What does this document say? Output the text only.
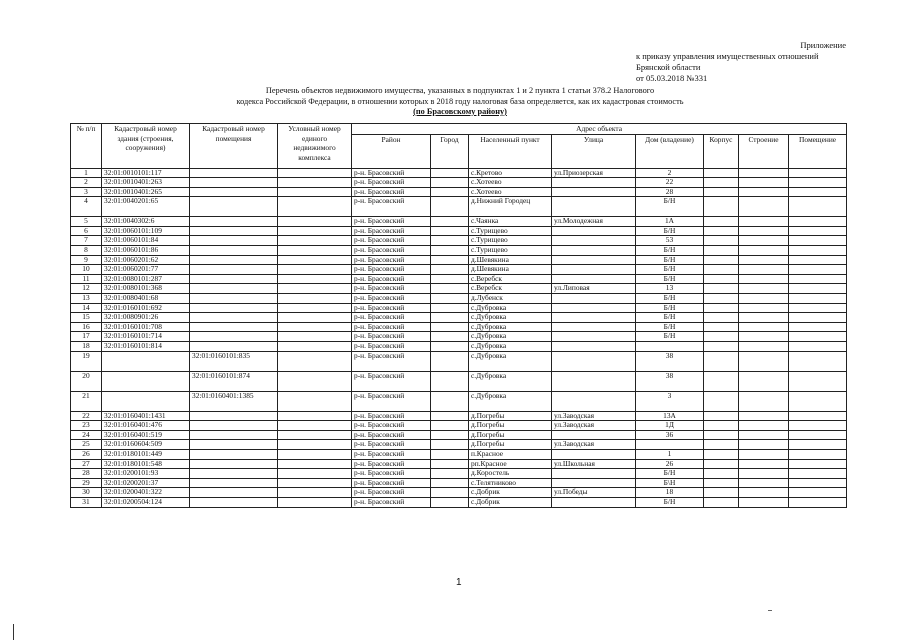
Приложение
к приказу управления имущественных отношений
Брянской области
от 05.03.2018 №331
Перечень объектов недвижимого имущества, указанных в подпунктах 1 и 2 пункта 1 статьи 378.2 Налогового
кодекса Российской Федерации, в отношении которых в 2018 году налоговая база определяется, как их кадастровая стоимость
(по Брасовскому району)
№ п/п	Кадастровый номер здания (строения, сооружения)	Кадастровый номер помещения	Условный номер единого недвижимого комплекса	Адрес объекта							
				Район	Город	Населенный пункт	Улица	Дом (владение)	Корпус	Строение	Помещение
1	32:01:0010101:117			р-н. Брасовский		с.Кретово	ул.Приозерская	2			
2	32:01:0010401:263			р-н. Брасовский		с.Хотеево		22			
3	32:01:0010401:265			р-н. Брасовский		с.Хотеево		28			
4	32:01:0040201:65			р-н. Брасовский		д.Нижний Городец		Б/Н			
5	32:01:0040302:6			р-н. Брасовский		с.Чаянка	ул.Молодежная	1А			
6	32:01:0060101:109			р-н. Брасовский		с.Турищево		Б/Н			
7	32:01:0060101:84			р-н. Брасовский		с.Турищево		53			
8	32:01:0060101:86			р-н. Брасовский		с.Турищево		Б/Н			
9	32:01:0060201:62			р-н. Брасовский		д.Шевякина		Б/Н			
10	32:01:0060201:77			р-н. Брасовский		д.Шевякина		Б/Н			
11	32:01:0080101:287			р-н. Брасовский		с.Веребск		Б/Н			
12	32:01:0080101:368			р-н. Брасовский		с.Веребск	ул.Липовая	13			
13	32:01:0080401:68			р-н. Брасовский		д.Лубенск		Б/Н			
14	32:01:0160101:692			р-н. Брасовский		с.Дубровка		Б/Н			
15	32:01:0080901:26			р-н. Брасовский		с.Дубровка		Б/Н			
16	32:01:0160101:708			р-н. Брасовский		с.Дубровка		Б/Н			
17	32:01:0160101:714			р-н. Брасовский		с.Дубровка		Б/Н			
18	32:01:0160101:814			р-н. Брасовский		с.Дубровка					
19		32:01:0160101:835		р-н. Брасовский		с.Дубровка		38			
20		32:01:0160101:874		р-н. Брасовский		с.Дубровка		38			
21		32:01:0160401:1385		р-н. Брасовский		с.Дубровка		3			
22	32:01:0160401:1431			р-н. Брасовский		д.Погребы	ул.Заводская	13А			
23	32:01:0160401:476			р-н. Брасовский		д.Погребы	ул.Заводская	1Д			
24	32:01:0160401:519			р-н. Брасовский		д.Погребы		36			
25	32:01:0160604:509			р-н. Брасовский		д.Погребы	ул.Заводская				
26	32:01:0180101:449			р-н. Брасовский		п.Красное		1			
27	32:01:0180101:548			р-н. Брасовский		рп.Красное	ул.Школьная	26			
28	32:01:0200101:93			р-н. Брасовский		д.Коростель		Б/Н			
29	32:01:0200201:37			р-н. Брасовский		с.Телятниково		Б\Н			
30	32:01:0200401:322			р-н. Брасовский		с.Добрик	ул.Победы	18			
31	32:01:0200504:124			р-н. Брасовский		с.Добрик		Б/Н			
1
